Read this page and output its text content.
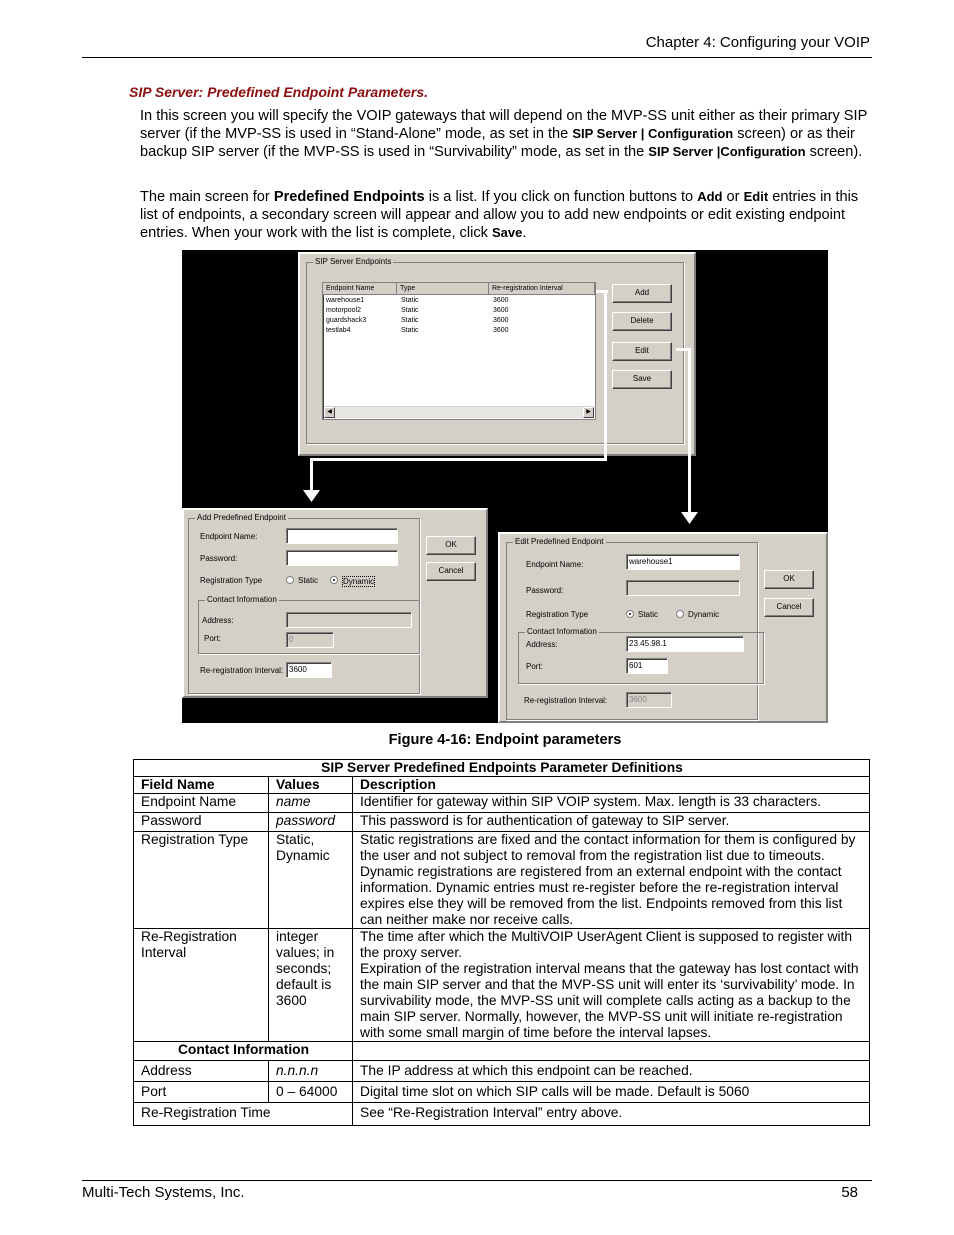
Chapter 4: Configuring your VOIP
SIP Server: Predefined Endpoint Parameters.
In this screen you will specify the VOIP gateways that will depend on the MVP-SS unit either as their primary SIP server (if the MVP-SS is used in “Stand-Alone” mode, as set in the SIP Server | Configuration screen) or as their backup SIP server (if the MVP-SS is used in “Survivability” mode, as set in the SIP Server |Configuration screen).
The main screen for Predefined Endpoints is a list. If you click on function buttons to Add or Edit entries in this list of endpoints, a secondary screen will appear and allow you to add new endpoints or edit existing endpoint entries. When your work with the list is complete, click Save.
SIP Server Endpoints
Endpoint Name	Type	Re-registration Interval
warehouse1	Static	3600
motorpool2	Static	3600
guardshack3	Static	3600
testlab4	Static	3600
◀	▶
Add
Delete
Edit
Save
Add Predefined Endpoint
Endpoint Name:
Password:
Registration Type	Static	Dynamic
Contact Information
Address:
Port:	0
Re-registration Interval: 3600
OK
Cancel
Edit Predefined Endpoint
Endpoint Name:	warehouse1
Password:
Registration Type	Static	Dynamic
Contact Information
Address:	23.45.98.1
Port:	601
Re-registration Interval:	3600
OK
Cancel
Figure 4-16: Endpoint parameters
SIP Server Predefined Endpoints Parameter Definitions		
Field Name	Values	Description
Endpoint Name	name	Identifier for gateway within SIP VOIP system. Max. length is 33 characters.
Password	password	This password is for authentication of gateway to SIP server.
Registration Type	Static, Dynamic	Static registrations are fixed and the contact information for them is configured by the user and not subject to removal from the registration list due to timeouts. Dynamic registrations are registered from an external endpoint with the contact information. Dynamic entries must re-register before the re-registration interval expires else they will be removed from the list. Endpoints removed from this list can neither make nor receive calls.
Re-Registration Interval	integer values; in seconds; default is 3600	The time after which the MultiVOIP UserAgent Client is supposed to register with the proxy server.
Expiration of the registration interval means that the gateway has lost contact with the main SIP server and that the MVP-SS unit will enter its ‘survivability’ mode. In survivability mode, the MVP-SS unit will complete calls acting as a backup to the main SIP server. Normally, however, the MVP-SS unit will initiate re-registration with some small margin of time before the interval lapses.

Contact Information		
Address	n.n.n.n	The IP address at which this endpoint can be reached.
Port	0 – 64000	Digital time slot on which SIP calls will be made. Default is 5060
Re-Registration Time		See “Re-Registration Interval” entry above.
Multi-Tech Systems, Inc.	58
